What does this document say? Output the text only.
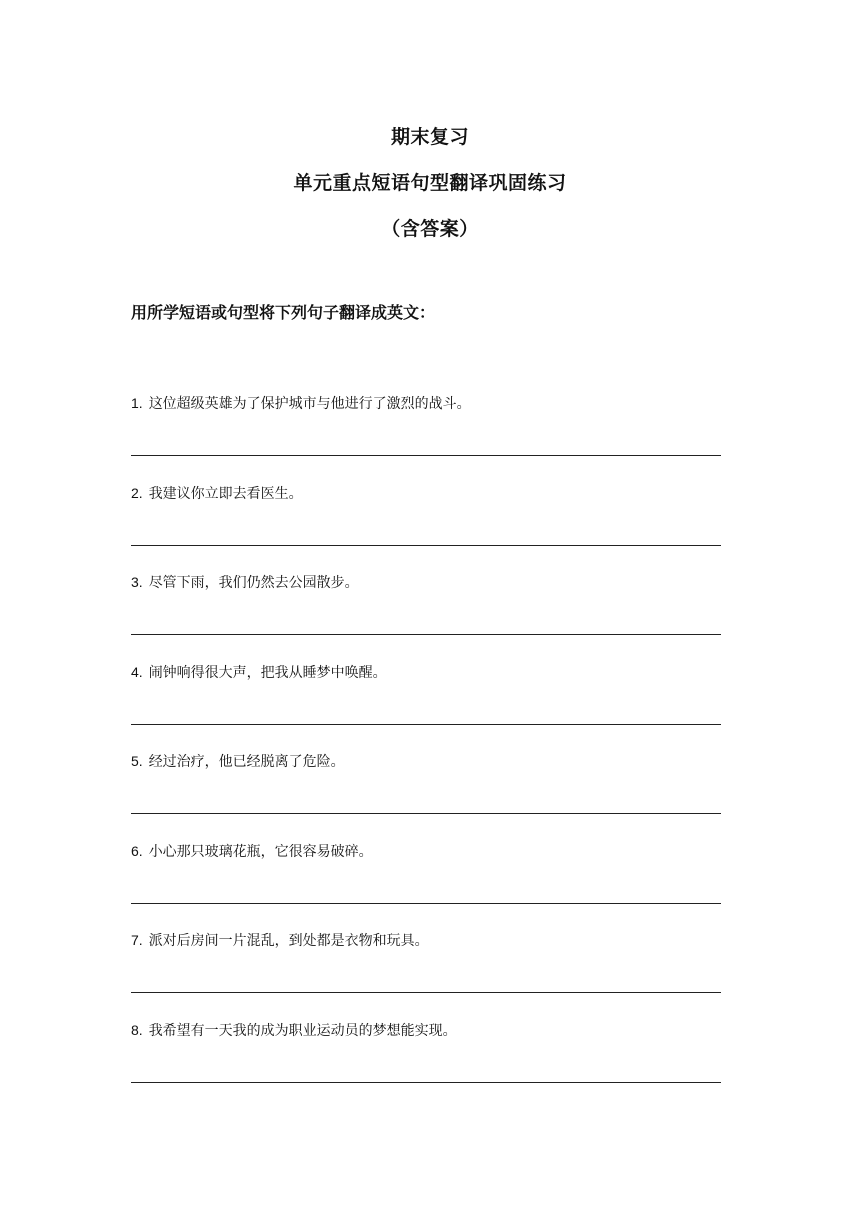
期末复习
单元重点短语句型翻译巩固练习
（含答案）
用所学短语或句型将下列句子翻译成英文：
1. 这位超级英雄为了保护城市与他进行了激烈的战斗。
2. 我建议你立即去看医生。
3. 尽管下雨，我们仍然去公园散步。
4. 闹钟响得很大声，把我从睡梦中唤醒。
5. 经过治疗，他已经脱离了危险。
6. 小心那只玻璃花瓶，它很容易破碎。
7. 派对后房间一片混乱，到处都是衣物和玩具。
8. 我希望有一天我的成为职业运动员的梦想能实现。
